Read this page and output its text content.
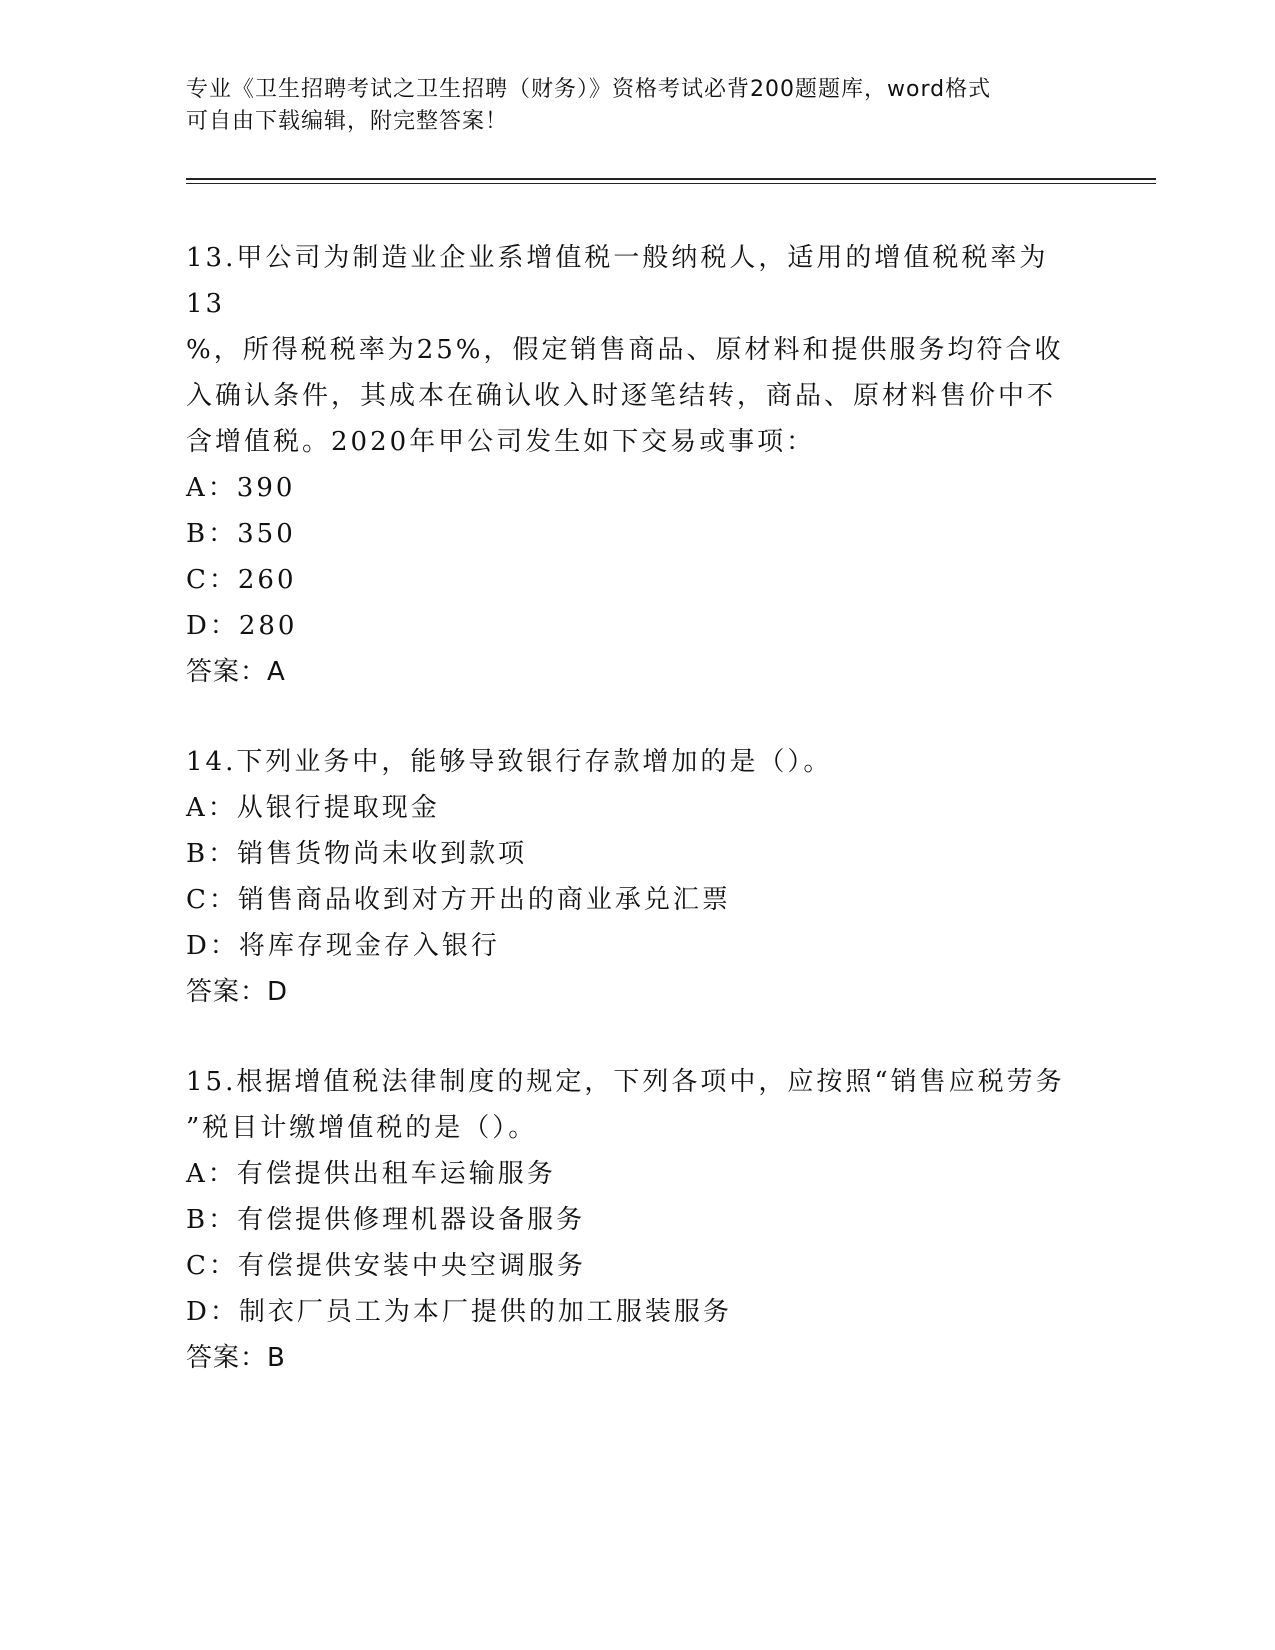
专业《卫生招聘考试之卫生招聘（财务）》资格考试必背200题题库，word格式
可自由下载编辑，附完整答案！
13.甲公司为制造业企业系增值税一般纳税人，适用的增值税税率为13
%，所得税税率为25%，假定销售商品、原材料和提供服务均符合收
入确认条件，其成本在确认收入时逐笔结转，商品、原材料售价中不
含增值税。2020年甲公司发生如下交易或事项：
A：390
B：350
C：260
D：280
答案：A
14.下列业务中，能够导致银行存款增加的是（）。
A：从银行提取现金
B：销售货物尚未收到款项
C：销售商品收到对方开出的商业承兑汇票
D：将库存现金存入银行
答案：D
15.根据增值税法律制度的规定，下列各项中，应按照“销售应税劳务
”税目计缴增值税的是（）。
A：有偿提供出租车运输服务
B：有偿提供修理机器设备服务
C：有偿提供安装中央空调服务
D：制衣厂员工为本厂提供的加工服装服务
答案：B
